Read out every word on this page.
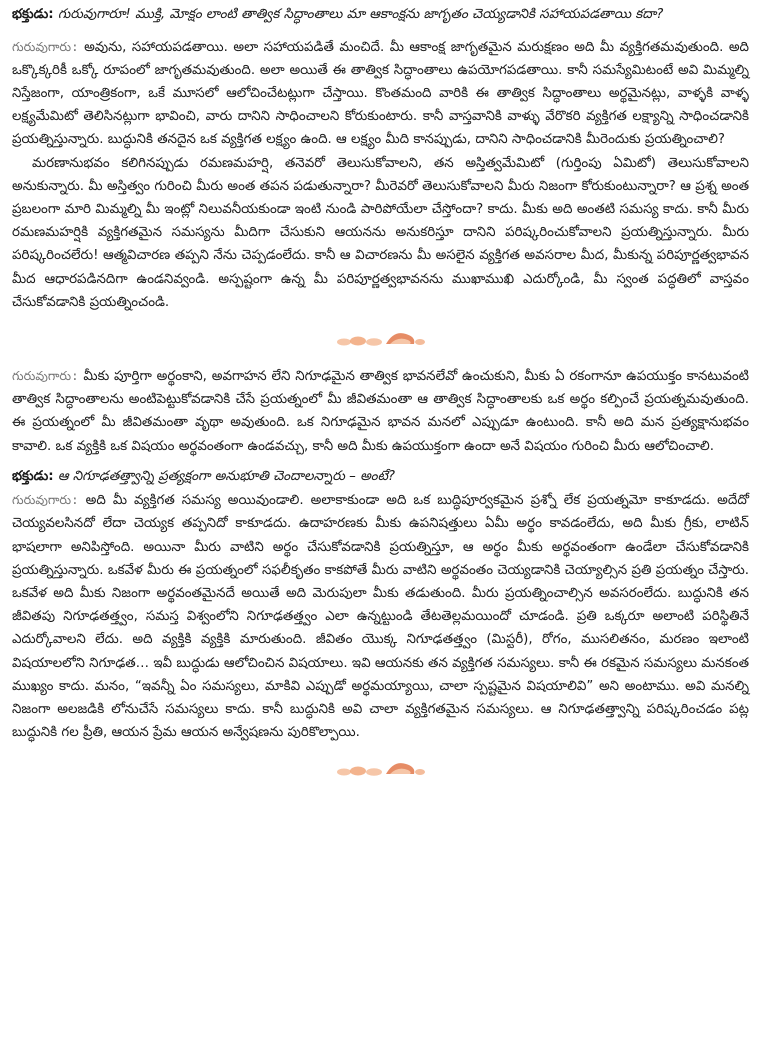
భక్తుడు: గురువుగారూ! ముక్తి, మోక్షం లాంటి తాత్విక సిద్ధాంతాలు మా ఆకాంక్షను జాగృతం చెయ్యడానికి సహాయపడతాయి కదా?

గురువుగారు: అవును, సహాయపడతాయి. అలా సహాయపడితే మంచిదే. మీ ఆకాంక్ష జాగృతమైన మరుక్షణం అది మీ వ్యక్తిగతమవుతుంది. అది ఒక్కొక్కరికీ ఒక్కో రూపంలో జాగృతమవుతుంది. అలా అయితే ఈ తాత్విక సిద్ధాంతాలు ఉపయోగపడతాయి. కానీ సమస్యేమిటంటే అవి మిమ్మల్ని నిస్తేజంగా, యాంత్రికంగా, ఒకే మూసలో ఆలోచించేటట్లుగా చేస్తాయి. కొంతమంది వారికి ఈ తాత్విక సిద్ధాంతాలు అర్థమైనట్లు, వాళ్ళకి వాళ్ళ లక్ష్యమేమిటో తెలిసినట్లుగా భావించి, వారు దానిని సాధించాలని కోరుకుంటారు. కానీ వాస్తవానికి వాళ్ళు వేరొకరి వ్యక్తిగత లక్ష్యాన్ని సాధించడానికి ప్రయత్నిస్తున్నారు. బుద్ధునికి తనదైన ఒక వ్యక్తిగత లక్ష్యం ఉంది. ఆ లక్ష్యం మీది కానప్పుడు, దానిని సాధించడానికి మీరెందుకు ప్రయత్నించాలి?

మరణానుభవం కలిగినప్పుడు రమణమహర్షి, తనెవరో తెలుసుకోవాలని, తన అస్తిత్వమేమిటో (గుర్తింపు ఏమిటో) తెలుసుకోవాలని అనుకున్నారు. మీ అస్తిత్వం గురించి మీరు అంత తపన పడుతున్నారా? మీరెవరో తెలుసుకోవాలని మీరు నిజంగా కోరుకుంటున్నారా? ఆ ప్రశ్న అంత ప్రబలంగా మారి మిమ్మల్ని మీ ఇంట్లో నిలువనీయకుండా ఇంటి నుండి పారిపోయేలా చేస్తోందా? కాదు. మీకు అది అంతటి సమస్య కాదు. కానీ మీరు రమణమహర్షికి వ్యక్తిగతమైన సమస్యను మీదిగా చేసుకుని ఆయనను అనుకరిస్తూ దానిని పరిష్కరించుకోవాలని ప్రయత్నిస్తున్నారు. మీరు పరిష్కరించలేరు! ఆత్మవిచారణ తప్పని నేను చెప్పడంలేదు. కానీ ఆ విచారణను మీ అసలైన వ్యక్తిగత అవసరాల మీద, మీకున్న పరిపూర్ణత్వభావన మీద ఆధారపడినదిగా ఉండనివ్వండి. అస్పష్టంగా ఉన్న మీ పరిపూర్ణత్వభావనను ముఖాముఖి ఎదుర్కోండి, మీ స్వంత పద్ధతిలో వాస్తవం చేసుకోవడానికి ప్రయత్నించండి.

గురువుగారు: మీకు పూర్తిగా అర్థంకాని, అవగాహన లేని నిగూఢమైన తాత్విక భావనలేవో ఉంచుకుని, మీకు ఏ రకంగానూ ఉపయుక్తం కానటువంటి తాత్విక సిద్ధాంతాలను అంటిపెట్టుకోవడానికి చేసే ప్రయత్నంలో మీ జీవితమంతా ఆ తాత్విక సిద్ధాంతాలకు ఒక అర్థం కల్పించే ప్రయత్నమవుతుంది. ఈ ప్రయత్నంలో మీ జీవితమంతా వృథా అవుతుంది. ఒక నిగూఢమైన భావన మనలో ఎప్పుడూ ఉంటుంది. కానీ అది మన ప్రత్యక్షానుభవం కావాలి. ఒక వ్యక్తికి ఒక విషయం అర్థవంతంగా ఉండవచ్చు, కానీ అది మీకు ఉపయుక్తంగా ఉందా అనే విషయం గురించి మీరు ఆలోచించాలి.

భక్తుడు: ఆ నిగూఢతత్త్వాన్ని ప్రత్యక్షంగా అనుభూతి చెందాలన్నారు – అంటే?

గురువుగారు: అది మీ వ్యక్తిగత సమస్య అయివుండాలి. అలాకాకుండా అది ఒక బుద్ధిపూర్వకమైన ప్రశ్నో లేక ప్రయత్నమో కాకూడదు. అదేదో చెయ్యవలసినదో లేదా చెయ్యక తప్పనిదో కాకూడదు. ఉదాహరణకు మీకు ఉపనిషత్తులు ఏమీ అర్థం కావడంలేదు, అది మీకు గ్రీకు, లాటిన్ భాషలాగా అనిపిస్తోంది. అయినా మీరు వాటిని అర్థం చేసుకోవడానికి ప్రయత్నిస్తూ, ఆ అర్థం మీకు అర్థవంతంగా ఉండేలా చేసుకోవడానికి ప్రయత్నిస్తున్నారు. ఒకవేళ మీరు ఈ ప్రయత్నంలో సఫలీకృతం కాకపోతే మీరు వాటిని అర్థవంతం చెయ్యడానికి చెయ్యాల్సిన ప్రతి ప్రయత్నం చేస్తారు. ఒకవేళ అది మీకు నిజంగా అర్థవంతమైనదే అయితే అది మెరుపులా మీకు తడుతుంది. మీరు ప్రయత్నించాల్సిన అవసరంలేదు. బుద్ధునికి తన జీవితపు నిగూఢతత్త్వం, సమస్త విశ్వంలోని నిగూఢతత్త్వం ఎలా ఉన్నట్టుండి తేటతెల్లమయిందో చూడండి. ప్రతి ఒక్కరూ అలాంటి పరిస్థితినే ఎదుర్కోవాలని లేదు. అది వ్యక్తికి వ్యక్తికి మారుతుంది. జీవితం యొక్క నిగూఢతత్త్వం (మిస్టరీ), రోగం, ముసలితనం, మరణం ఇలాంటి విషయాలలోని నిగూఢత… ఇవీ బుద్ధుడు ఆలోచించిన విషయాలు. ఇవి ఆయనకు తన వ్యక్తిగత సమస్యలు. కానీ ఈ రకమైన సమస్యలు మనకంత ముఖ్యం కాదు. మనం, “ఇవన్నీ ఏం సమస్యలు, మాకివి ఎప్పుడో అర్థమయ్యాయి, చాలా స్పష్టమైన విషయాలివి” అని అంటాము. అవి మనల్ని నిజంగా అలజడికి లోనుచేసే సమస్యలు కాదు. కానీ బుద్ధునికి అవి చాలా వ్యక్తిగతమైన సమస్యలు. ఆ నిగూఢతత్త్వాన్ని పరిష్కరించడం పట్ల బుద్ధునికి గల ప్రీతి, ఆయన ప్రేమ ఆయన అన్వేషణను పురికొల్పాయి.
